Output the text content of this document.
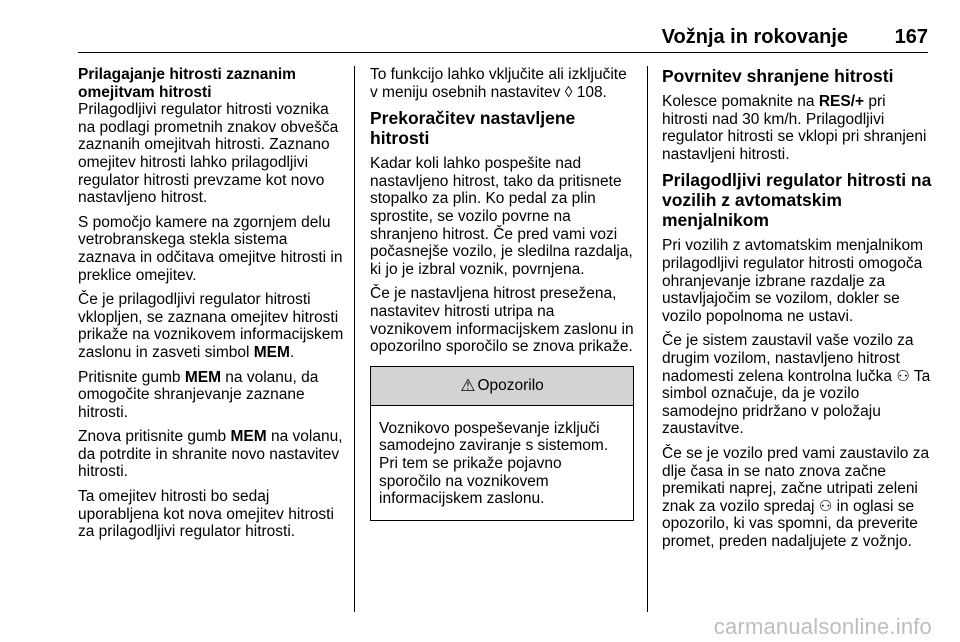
Vožnja in rokovanje 167
Prilagajanje hitrosti zaznanim omejitvam hitrosti

Prilagodljivi regulator hitrosti voznika na podlagi prometnih znakov obvešča zaznanih omejitvah hitrosti. Zaznano omejitev hitrosti lahko prilagodljivi regulator hitrosti prevzame kot novo nastavljeno hitrost.

S pomočjo kamere na zgornjem delu vetrobranskega stekla sistema zaznava in odčitava omejitve hitrosti in preklice omejitev.

Če je prilagodljivi regulator hitrosti vklopljen, se zaznana omejitev hitrosti prikaže na voznikovem informacijskem zaslonu in zasveti simbol MEM.

Pritisnite gumb MEM na volanu, da omogočite shranjevanje zaznane hitrosti.

Znova pritisnite gumb MEM na volanu, da potrdite in shranite novo nastavitev hitrosti.

Ta omejitev hitrosti bo sedaj uporabljena kot nova omejitev hitrosti za prilagodljivi regulator hitrosti.

To funkcijo lahko vključite ali izključite v meniju osebnih nastavitev ◊ 108.

Prekoračitev nastavljene hitrosti

Kadar koli lahko pospešite nad nastavljeno hitrost, tako da pritisnete stopalko za plin. Ko pedal za plin sprostite, se vozilo povrne na shranjeno hitrost. Če pred vami vozi počasnejše vozilo, je sledilna razdalja, ki jo je izbral voznik, povrnjena.

Če je nastavljena hitrost presežena, nastavitev hitrosti utripa na voznikovem informacijskem zaslonu in opozorilno sporočilo se znova prikaže.

⚠ Opozorilo
Voznikovo pospeševanje izključi samodejno zaviranje s sistemom. Pri tem se prikaže pojavno sporočilo na voznikovem informacijskem zaslonu.
Povrnitev shranjene hitrosti

Kolesce pomaknite na RES/+ pri hitrosti nad 30 km/h. Prilagodljivi regulator hitrosti se vklopi pri shranjeni nastavljeni hitrosti.

Prilagodljivi regulator hitrosti na vozilih z avtomatskim menjalnikom

Pri vozilih z avtomatskim menjalnikom prilagodljivi regulator hitrosti omogoča ohranjevanje izbrane razdalje za ustavljajočim se vozilom, dokler se vozilo popolnoma ne ustavi.

Če je sistem zaustavil vaše vozilo za drugim vozilom, nastavljeno hitrost nadomesti zelena kontrolna lučka ⚇ Ta simbol označuje, da je vozilo samodejno pridržano v položaju zaustavitve.

Če se je vozilo pred vami zaustavilo za dlje časa in se nato znova začne premikati naprej, začne utripati zeleni znak za vozilo spredaj ⚇ in oglasi se opozorilo, ki vas spomni, da preverite promet, preden nadaljujete z vožnjo.

carmanualsonline.info
